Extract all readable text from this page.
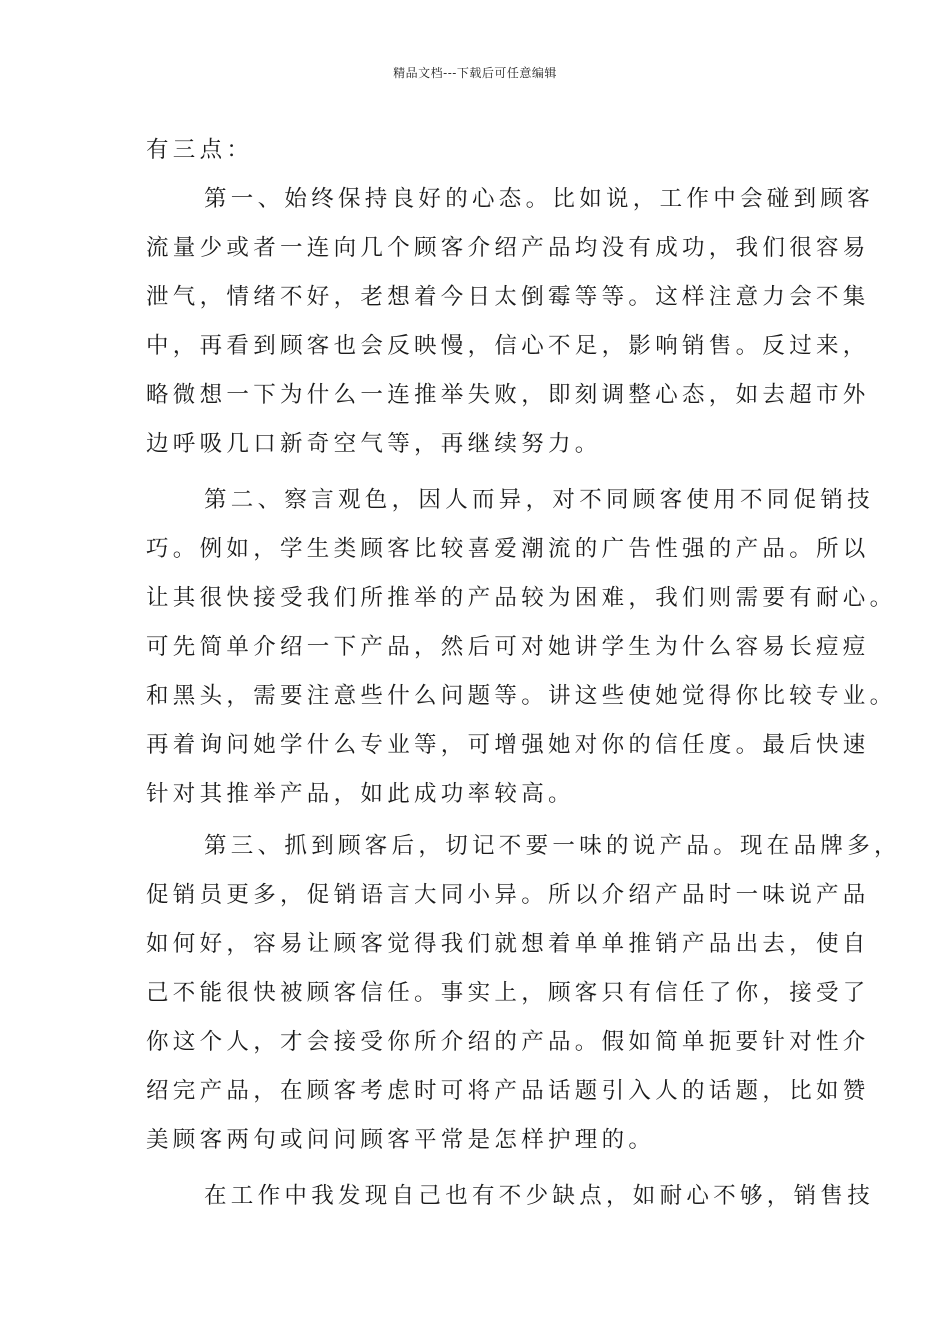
精品文档---下载后可任意编辑
有三点：
第一、始终保持良好的心态。比如说，工作中会碰到顾客
流量少或者一连向几个顾客介绍产品均没有成功，我们很容易
泄气，情绪不好，老想着今日太倒霉等等。这样注意力会不集
中，再看到顾客也会反映慢，信心不足，影响销售。反过来，
略微想一下为什么一连推举失败，即刻调整心态，如去超市外
边呼吸几口新奇空气等，再继续努力。
第二、察言观色，因人而异，对不同顾客使用不同促销技
巧。例如，学生类顾客比较喜爱潮流的广告性强的产品。所以
让其很快接受我们所推举的产品较为困难，我们则需要有耐心。
可先简单介绍一下产品，然后可对她讲学生为什么容易长痘痘
和黑头，需要注意些什么问题等。讲这些使她觉得你比较专业。
再着询问她学什么专业等，可增强她对你的信任度。最后快速
针对其推举产品，如此成功率较高。
第三、抓到顾客后，切记不要一味的说产品。现在品牌多，
促销员更多，促销语言大同小异。所以介绍产品时一味说产品
如何好，容易让顾客觉得我们就想着单单推销产品出去，使自
己不能很快被顾客信任。事实上，顾客只有信任了你，接受了
你这个人，才会接受你所介绍的产品。假如简单扼要针对性介
绍完产品，在顾客考虑时可将产品话题引入人的话题，比如赞
美顾客两句或问问顾客平常是怎样护理的。
在工作中我发现自己也有不少缺点，如耐心不够，销售技
